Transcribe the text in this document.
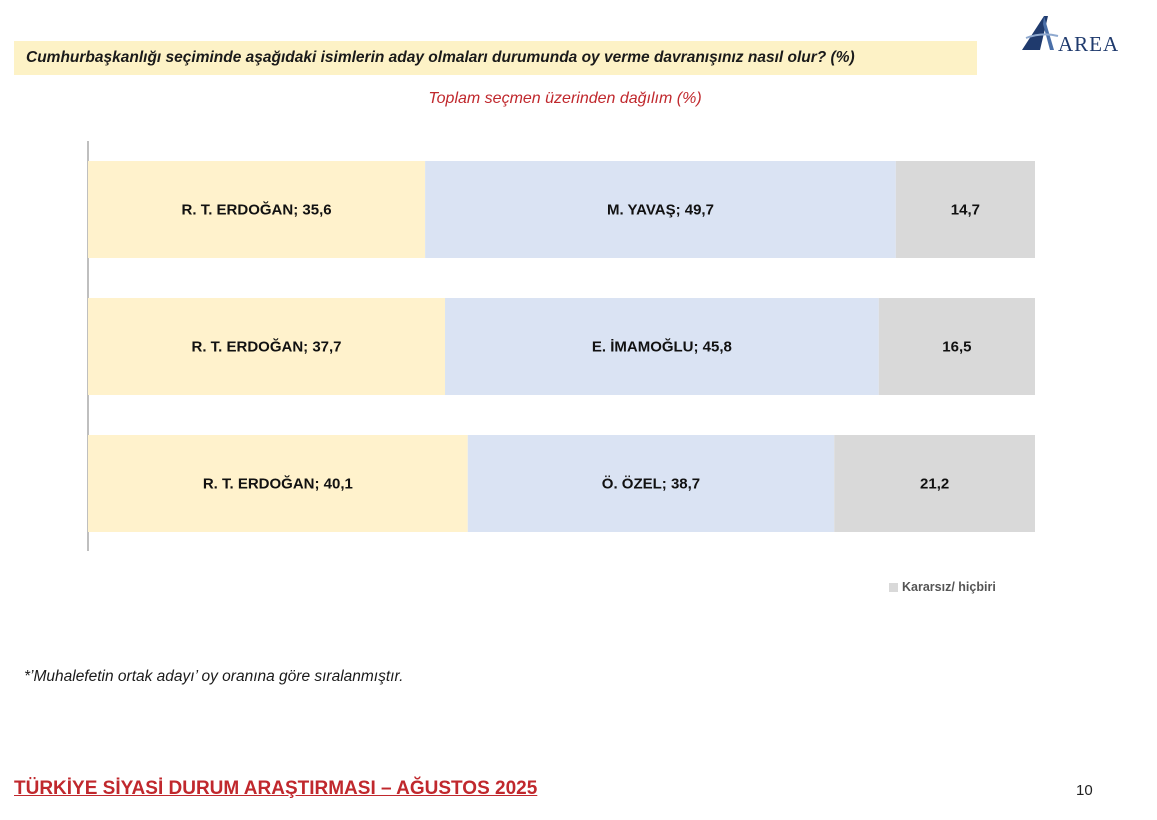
Cumhurbaşkanlığı seçiminde aşağıdaki isimlerin aday olmaları durumunda oy verme davranışınız nasıl olur? (%)
AREA
Toplam seçmen üzerinden dağılım (%)
R. T. ERDOĞAN; 35,6	M. YAVAŞ; 49,7	14,7
R. T. ERDOĞAN; 37,7	E. İMAMOĞLU; 45,8	16,5
R. T. ERDOĞAN; 40,1	Ö. ÖZEL; 38,7	21,2
Kararsız/ hiçbiri
*’Muhalefetin ortak adayı’ oy oranına göre sıralanmıştır.
TÜRKİYE SİYASİ DURUM ARAŞTIRMASI – AĞUSTOS 2025	10
